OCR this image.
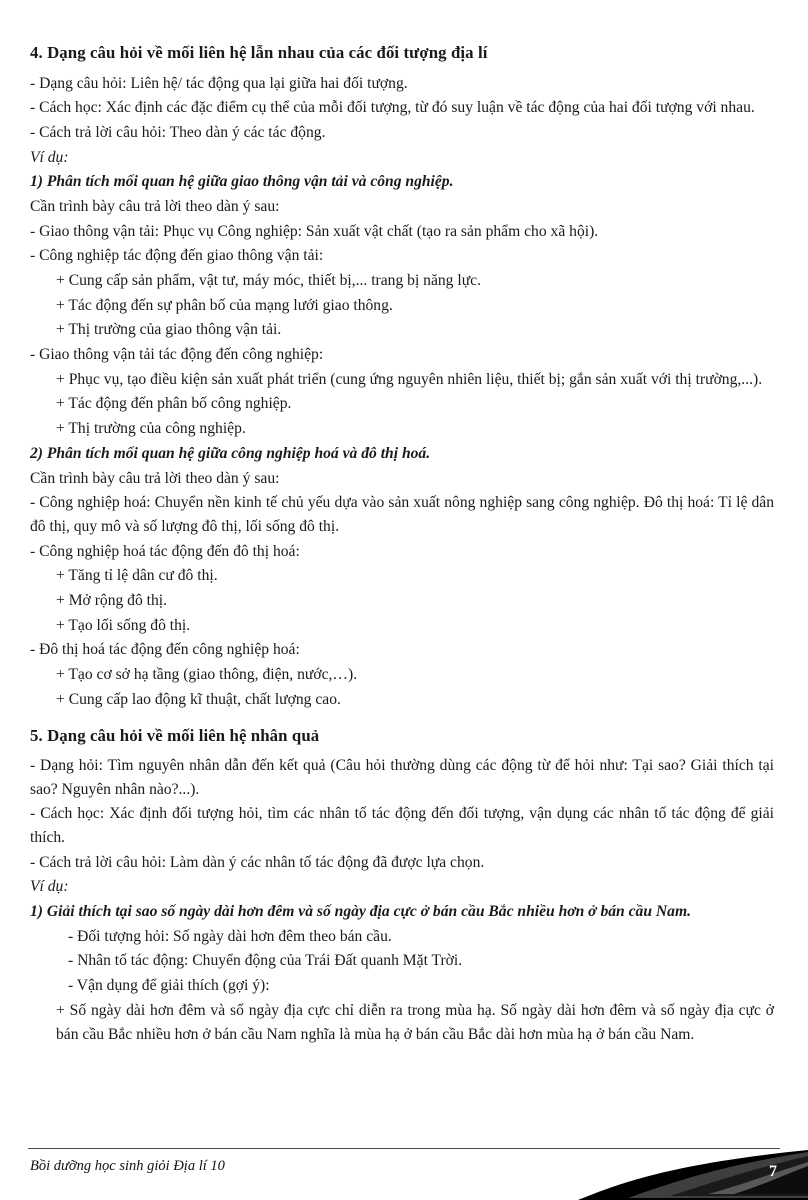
4. Dạng câu hỏi về mối liên hệ lẫn nhau của các đối tượng địa lí

- Dạng câu hỏi: Liên hệ/ tác động qua lại giữa hai đối tượng.

- Cách học: Xác định các đặc điểm cụ thể của mỗi đối tượng, từ đó suy luận về tác động của hai đối tượng với nhau.

- Cách trả lời câu hỏi: Theo dàn ý các tác động.

Ví dụ:

1) Phân tích mối quan hệ giữa giao thông vận tải và công nghiệp.

Cần trình bày câu trả lời theo dàn ý sau:

- Giao thông vận tải: Phục vụ Công nghiệp: Sản xuất vật chất (tạo ra sản phẩm cho xã hội).

- Công nghiệp tác động đến giao thông vận tải:

+ Cung cấp sản phẩm, vật tư, máy móc, thiết bị,... trang bị năng lực.

+ Tác động đến sự phân bố của mạng lưới giao thông.

+ Thị trường của giao thông vận tải.

- Giao thông vận tải tác động đến công nghiệp:

+ Phục vụ, tạo điều kiện sản xuất phát triển (cung ứng nguyên nhiên liệu, thiết bị; gắn sản xuất với thị trường,...).

+ Tác động đến phân bố công nghiệp.

+ Thị trường của công nghiệp.

2) Phân tích mối quan hệ giữa công nghiệp hoá và đô thị hoá.

Cần trình bày câu trả lời theo dàn ý sau:

- Công nghiệp hoá: Chuyển nền kinh tế chủ yếu dựa vào sản xuất nông nghiệp sang công nghiệp. Đô thị hoá: Tỉ lệ dân đô thị, quy mô và số lượng đô thị, lối sống đô thị.

- Công nghiệp hoá tác động đến đô thị hoá:

+ Tăng tỉ lệ dân cư đô thị.

+ Mở rộng đô thị.

+ Tạo lối sống đô thị.

- Đô thị hoá tác động đến công nghiệp hoá:

+ Tạo cơ sở hạ tầng (giao thông, điện, nước,…).

+ Cung cấp lao động kĩ thuật, chất lượng cao.

5. Dạng câu hỏi về mối liên hệ nhân quả

- Dạng hỏi: Tìm nguyên nhân dẫn đến kết quả (Câu hỏi thường dùng các động từ để hỏi như: Tại sao? Giải thích tại sao? Nguyên nhân nào?...).

- Cách học: Xác định đối tượng hỏi, tìm các nhân tố tác động đến đối tượng, vận dụng các nhân tố tác động để giải thích.

- Cách trả lời câu hỏi: Làm dàn ý các nhân tố tác động đã được lựa chọn.

Ví dụ:

1) Giải thích tại sao số ngày dài hơn đêm và số ngày địa cực ở bán cầu Bắc nhiều hơn ở bán cầu Nam.

- Đối tượng hỏi: Số ngày dài hơn đêm theo bán cầu.

- Nhân tố tác động: Chuyển động của Trái Đất quanh Mặt Trời.

- Vận dụng để giải thích (gợi ý):

+ Số ngày dài hơn đêm và số ngày địa cực chỉ diễn ra trong mùa hạ. Số ngày dài hơn đêm và số ngày địa cực ở bán cầu Bắc nhiều hơn ở bán cầu Nam nghĩa là mùa hạ ở bán cầu Bắc dài hơn mùa hạ ở bán cầu Nam.

Bồi dưỡng học sinh giỏi Địa lí 10	7
